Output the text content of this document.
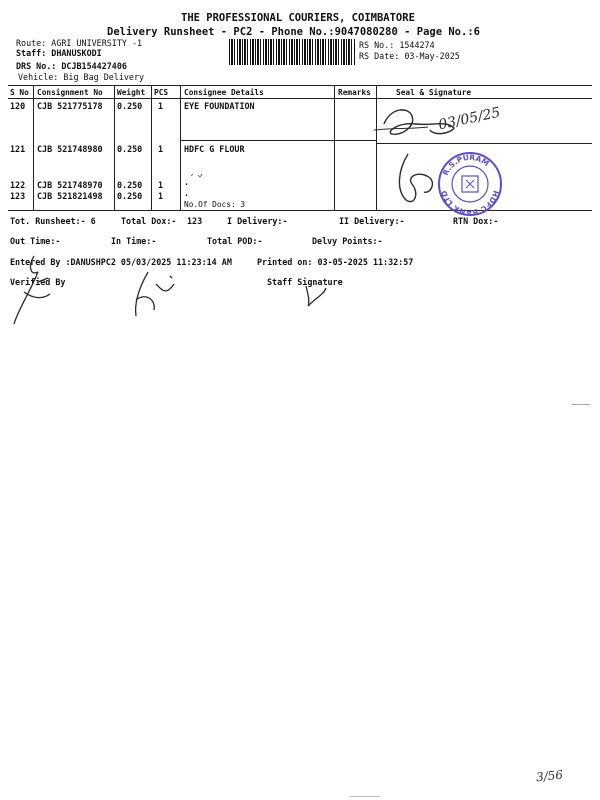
THE PROFESSIONAL COURIERS, COIMBATORE
Delivery Runsheet - PC2 - Phone No.:9047080280 - Page No.:6
Route: AGRI UNIVERSITY -1
Staff: DHANUSKODI
DRS No.: DCJB154427406
Vehicle: Big Bag Delivery
RS No.: 1544274
RS Date: 03-May-2025
S No Consignment No Weight PCS Consignee Details	Remarks	Seal & Signature
120 CJB 521775178 0.250 1 EYE FOUNDATION
121 CJB 521748980 0.250 1 HDFC G FLOUR
122 CJB 521748970 0.250 1 .
123 CJB 521821498 0.250 1 .
No.Of Docs: 3
03/05/25
R.S.PURAM
HDFC BANK LTD
Tot. Runsheet:- 6	Total Dox:- 123	I Delivery:-	II Delivery:-	RTN Dox:-
Out Time:-	In Time:-	Total POD:-	Delvy Points:-
Entered By :DANUSHPC2 05/03/2025 11:23:14 AM	Printed on: 03-05-2025 11:32:57
Verified By	Staff Signature
3/56
